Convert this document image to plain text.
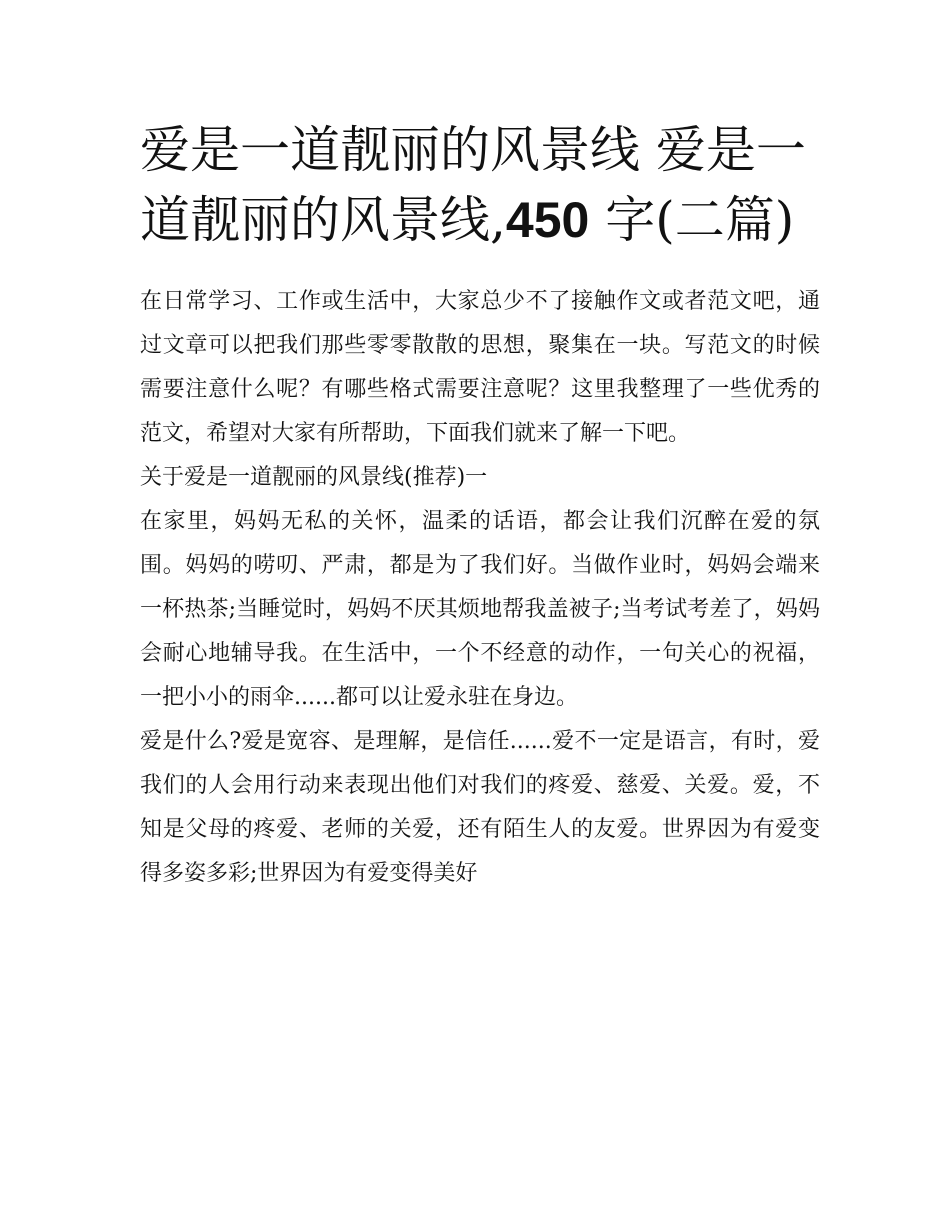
爱是一道靓丽的风景线 爱是一道靓丽的风景线,450 字(二篇)

在日常学习、工作或生活中，大家总少不了接触作文或者范文吧，通过文章可以把我们那些零零散散的思想，聚集在一块。写范文的时候需要注意什么呢？有哪些格式需要注意呢？这里我整理了一些优秀的范文，希望对大家有所帮助，下面我们就来了解一下吧。

关于爱是一道靓丽的风景线(推荐)一

在家里，妈妈无私的关怀，温柔的话语，都会让我们沉醉在爱的氛围。妈妈的唠叨、严肃，都是为了我们好。当做作业时，妈妈会端来一杯热茶;当睡觉时，妈妈不厌其烦地帮我盖被子;当考试考差了，妈妈会耐心地辅导我。在生活中，一个不经意的动作，一句关心的祝福，一把小小的雨伞......都可以让爱永驻在身边。

爱是什么?爱是宽容、是理解，是信任......爱不一定是语言，有时，爱我们的人会用行动来表现出他们对我们的疼爱、慈爱、关爱。爱，不知是父母的疼爱、老师的关爱，还有陌生人的友爱。世界因为有爱变得多姿多彩;世界因为有爱变得美好
